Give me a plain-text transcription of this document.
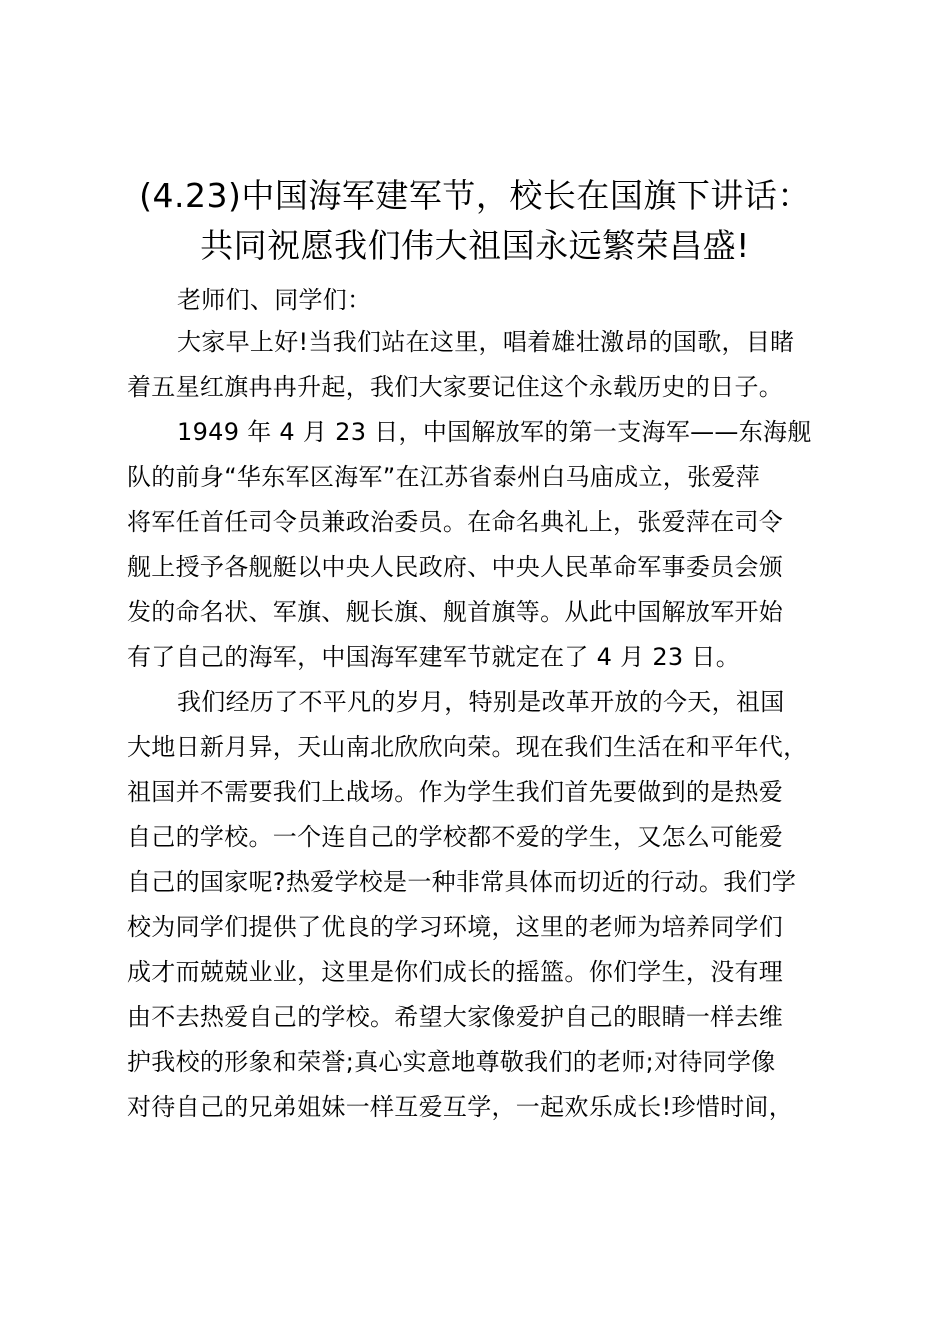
(4.23)中国海军建军节，校长在国旗下讲话：
共同祝愿我们伟大祖国永远繁荣昌盛!
老师们、同学们：
大家早上好!当我们站在这里，唱着雄壮激昂的国歌，目睹
着五星红旗冉冉升起，我们大家要记住这个永载历史的日子。
1949 年 4 月 23 日，中国解放军的第一支海军——东海舰
队的前身“华东军区海军”在江苏省泰州白马庙成立，张爱萍
将军任首任司令员兼政治委员。在命名典礼上，张爱萍在司令
舰上授予各舰艇以中央人民政府、中央人民革命军事委员会颁
发的命名状、军旗、舰长旗、舰首旗等。从此中国解放军开始
有了自己的海军，中国海军建军节就定在了 4 月 23 日。
我们经历了不平凡的岁月，特别是改革开放的今天，祖国
大地日新月异，天山南北欣欣向荣。现在我们生活在和平年代，
祖国并不需要我们上战场。作为学生我们首先要做到的是热爱
自己的学校。一个连自己的学校都不爱的学生，又怎么可能爱
自己的国家呢?热爱学校是一种非常具体而切近的行动。我们学
校为同学们提供了优良的学习环境，这里的老师为培养同学们
成才而兢兢业业，这里是你们成长的摇篮。你们学生，没有理
由不去热爱自己的学校。希望大家像爱护自己的眼睛一样去维
护我校的形象和荣誉;真心实意地尊敬我们的老师;对待同学像
对待自己的兄弟姐妹一样互爱互学，一起欢乐成长!珍惜时间，
